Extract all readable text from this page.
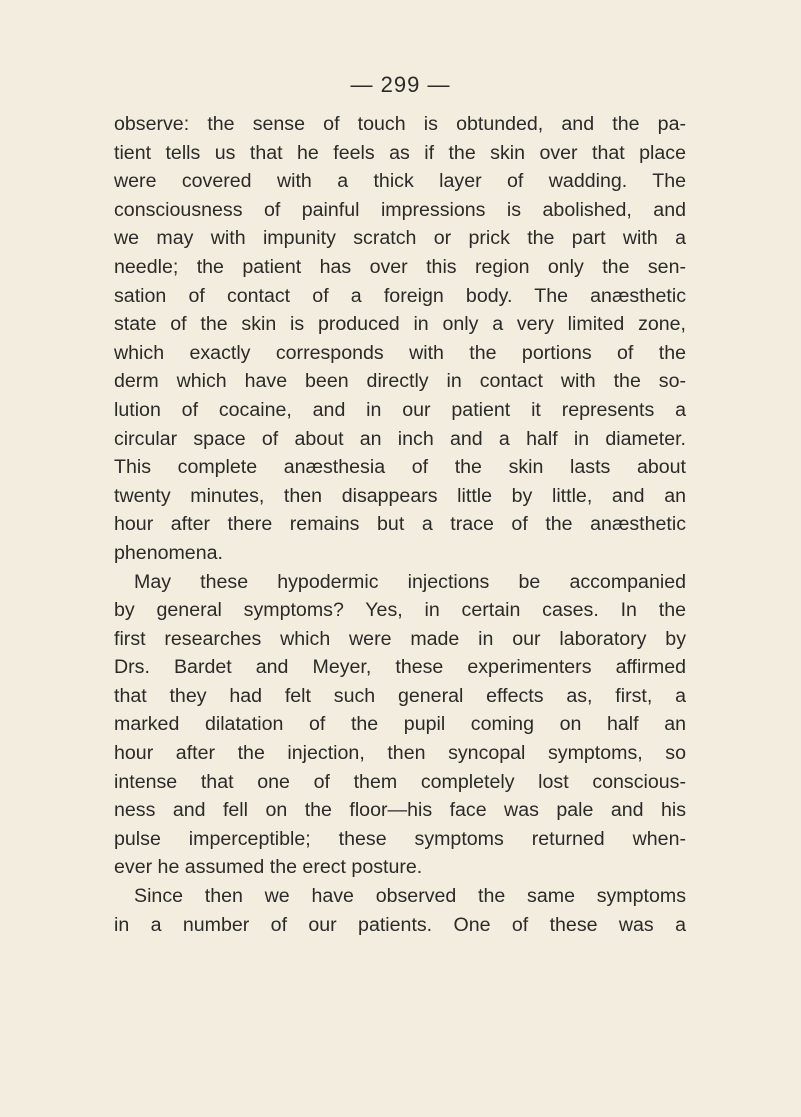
— 299 —
observe: the sense of touch is obtunded, and the pa-
tient tells us that he feels as if the skin over that place
were covered with a thick layer of wadding. The
consciousness of painful impressions is abolished, and
we may with impunity scratch or prick the part with a
needle; the patient has over this region only the sen-
sation of contact of a foreign body. The anæsthetic
state of the skin is produced in only a very limited zone,
which exactly corresponds with the portions of the
derm which have been directly in contact with the so-
lution of cocaine, and in our patient it represents a
circular space of about an inch and a half in diameter.
This complete anæsthesia of the skin lasts about
twenty minutes, then disappears little by little, and an
hour after there remains but a trace of the anæsthetic
phenomena.
May these hypodermic injections be accompanied
by general symptoms? Yes, in certain cases. In the
first researches which were made in our laboratory by
Drs. Bardet and Meyer, these experimenters affirmed
that they had felt such general effects as, first, a
marked dilatation of the pupil coming on half an
hour after the injection, then syncopal symptoms, so
intense that one of them completely lost conscious-
ness and fell on the floor—his face was pale and his
pulse imperceptible; these symptoms returned when-
ever he assumed the erect posture.
Since then we have observed the same symptoms
in a number of our patients. One of these was a
